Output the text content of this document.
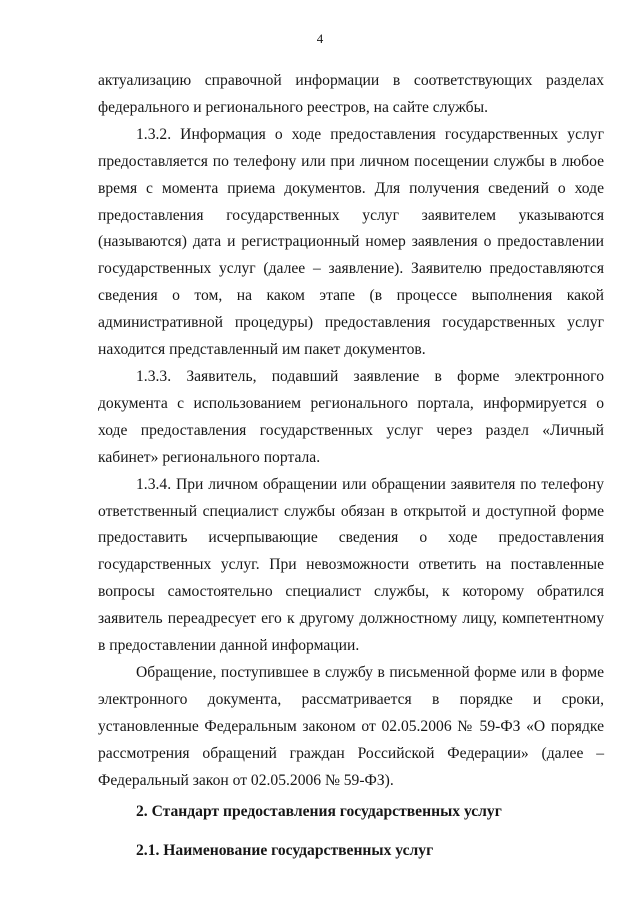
4

актуализацию справочной информации в соответствующих разделах федерального и регионального реестров, на сайте службы.

1.3.2. Информация о ходе предоставления государственных услуг предоставляется по телефону или при личном посещении службы в любое время с момента приема документов. Для получения сведений о ходе предоставления государственных услуг заявителем указываются (называются) дата и регистрационный номер заявления о предоставлении государственных услуг (далее – заявление). Заявителю предоставляются сведения о том, на каком этапе (в процессе выполнения какой административной процедуры) предоставления государственных услуг находится представленный им пакет документов.

1.3.3. Заявитель, подавший заявление в форме электронного документа с использованием регионального портала, информируется о ходе предоставления государственных услуг через раздел «Личный кабинет» регионального портала.

1.3.4. При личном обращении или обращении заявителя по телефону ответственный специалист службы обязан в открытой и доступной форме предоставить исчерпывающие сведения о ходе предоставления государственных услуг. При невозможности ответить на поставленные вопросы самостоятельно специалист службы, к которому обратился заявитель переадресует его к другому должностному лицу, компетентному в предоставлении данной информации.

Обращение, поступившее в службу в письменной форме или в форме электронного документа, рассматривается в порядке и сроки, установленные Федеральным законом от 02.05.2006 № 59-ФЗ «О порядке рассмотрения обращений граждан Российской Федерации» (далее – Федеральный закон от 02.05.2006 № 59-ФЗ).

2. Стандарт предоставления государственных услуг

2.1. Наименование государственных услуг
